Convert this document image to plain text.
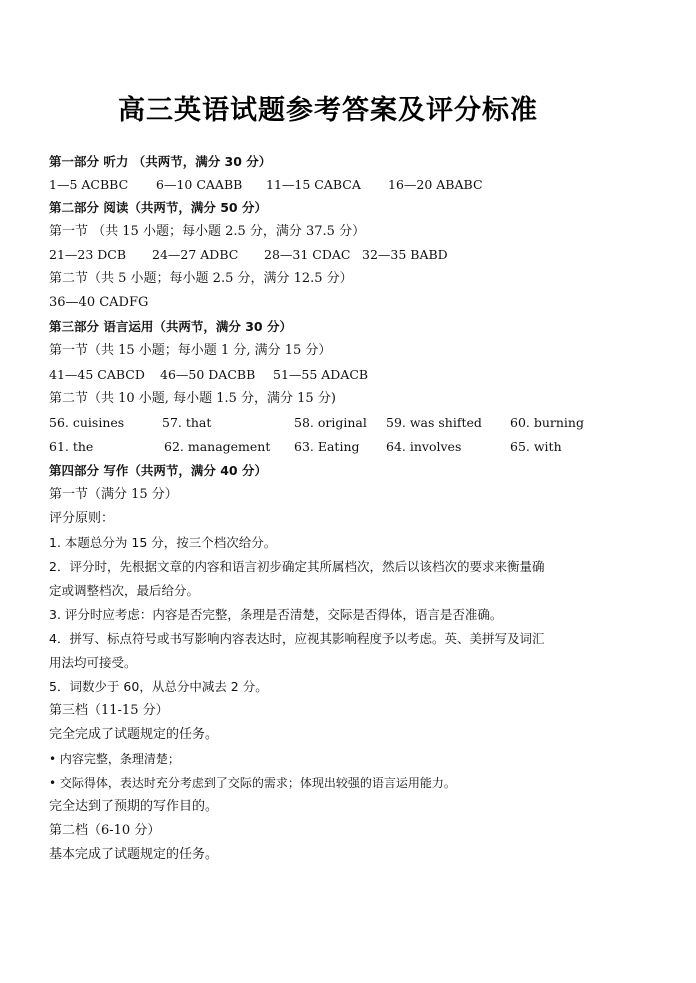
高三英语试题参考答案及评分标准
第一部分 听力 （共两节，满分 30 分）
1—5 ACBBC 6—10 CAABB 11—15 CABCA 16—20 ABABC
第二部分 阅读（共两节，满分 50 分）
第一节 （共 15 小题；每小题 2.5 分，满分 37.5 分）
21—23 DCB 24—27 ADBC 28—31 CDAC 32—35 BABD
第二节（共 5 小题；每小题 2.5 分，满分 12.5 分）
36—40 CADFG
第三部分 语言运用（共两节，满分 30 分）
第一节（共 15 小题；每小题 1 分, 满分 15 分）
41—45 CABCD 46—50 DACBB 51—55 ADACB
第二节（共 10 小题, 每小题 1.5 分，满分 15 分)
56. cuisines	57. that	58. original 59. was shifted 60. burning
61. the	62. management 63. Eating 64. involves	65. with
第四部分 写作（共两节，满分 40 分）
第一节（满分 15 分）
评分原则：
1. 本题总分为 15 分，按三个档次给分。
2．评分时，先根据文章的内容和语言初步确定其所属档次，然后以该档次的要求来衡量确
定或调整档次，最后给分。
3. 评分时应考虑：内容是否完整，条理是否清楚，交际是否得体，语言是否准确。
4．拼写、标点符号或书写影响内容表达时，应视其影响程度予以考虑。英、美拼写及词汇
用法均可接受。
5．词数少于 60，从总分中减去 2 分。
第三档（11-15 分）
完全完成了试题规定的任务。
• 内容完整，条理清楚；
• 交际得体，表达时充分考虑到了交际的需求；体现出较强的语言运用能力。
完全达到了预期的写作目的。
第二档（6-10 分）
基本完成了试题规定的任务。
